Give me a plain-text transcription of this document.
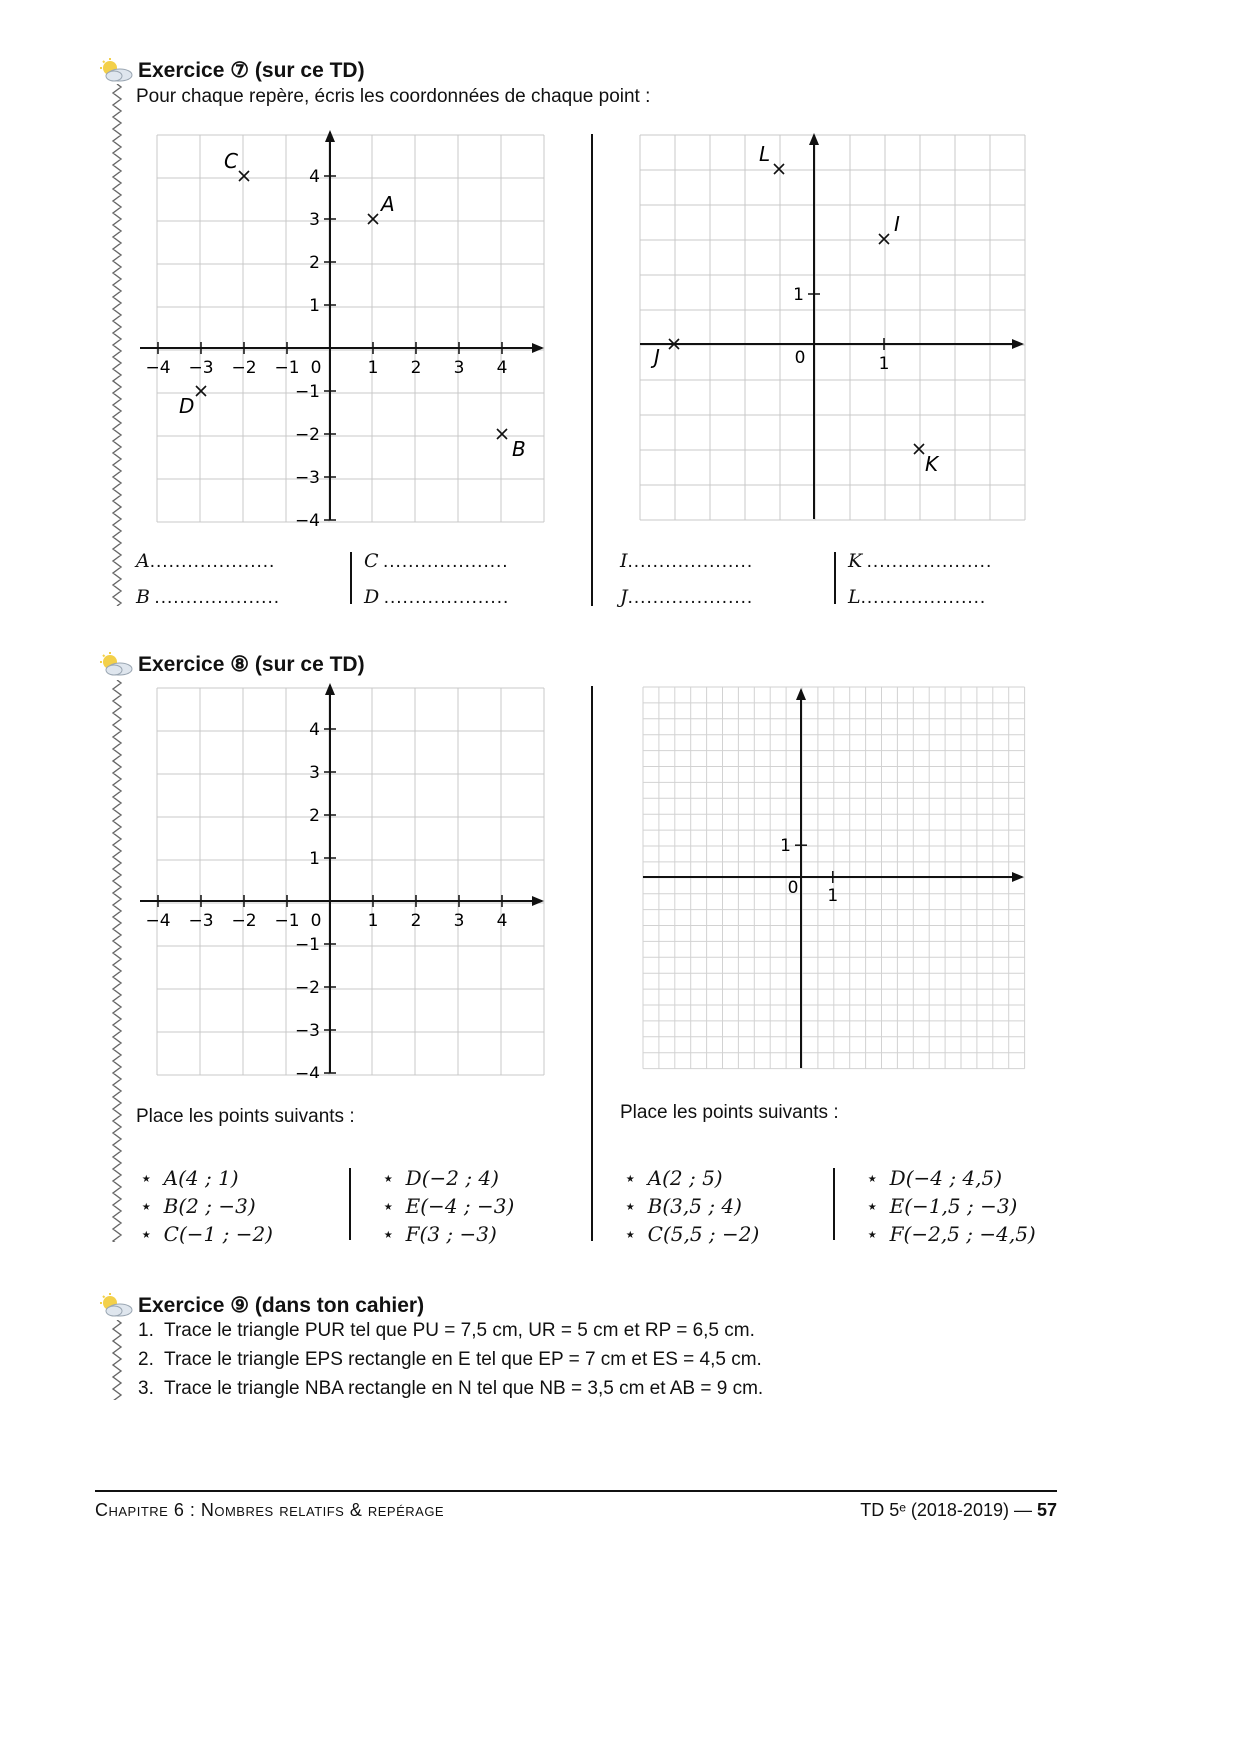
Exercice ⑦ (sur ce TD)
Pour chaque repère, écris les coordonnées de chaque point :
−4 −3 −2 −1 0	1 2 3 4
4
3
2
1
−1
−2
−3
−4
A
B
C
D
1
1
0
I
J
K
L
A....................
B ....................
C ....................
D ....................
I....................
J....................
K ....................
L....................
Exercice ⑧ (sur ce TD)
−4 −3 −2 −1 0	1 2 3 4
4
3
2
1
−1
−2
−3
−4
1
1
0
Place les points suivants :	Place les points suivants :
⋆ A(4 ; 1)
⋆ B(2 ; −3)
⋆ C(−1 ; −2)
⋆ D(−2 ; 4)
⋆ E(−4 ; −3)
⋆ F(3 ; −3)
⋆ A(2 ; 5)
⋆ B(3,5 ; 4)
⋆ C(5,5 ; −2)
⋆ D(−4 ; 4,5)
⋆ E(−1,5 ; −3)
⋆ F(−2,5 ; −4,5)
Exercice ⑨ (dans ton cahier)
1.  Trace le triangle PUR tel que PU = 7,5 cm, UR = 5 cm et RP = 6,5 cm.
2.  Trace le triangle EPS rectangle en E tel que EP = 7 cm et ES = 4,5 cm.
3.  Trace le triangle NBA rectangle en N tel que NB = 3,5 cm et AB = 9 cm.
Chapitre 6 : Nombres relatifs & repérage	TD 5ᵉ (2018-2019) — 57
